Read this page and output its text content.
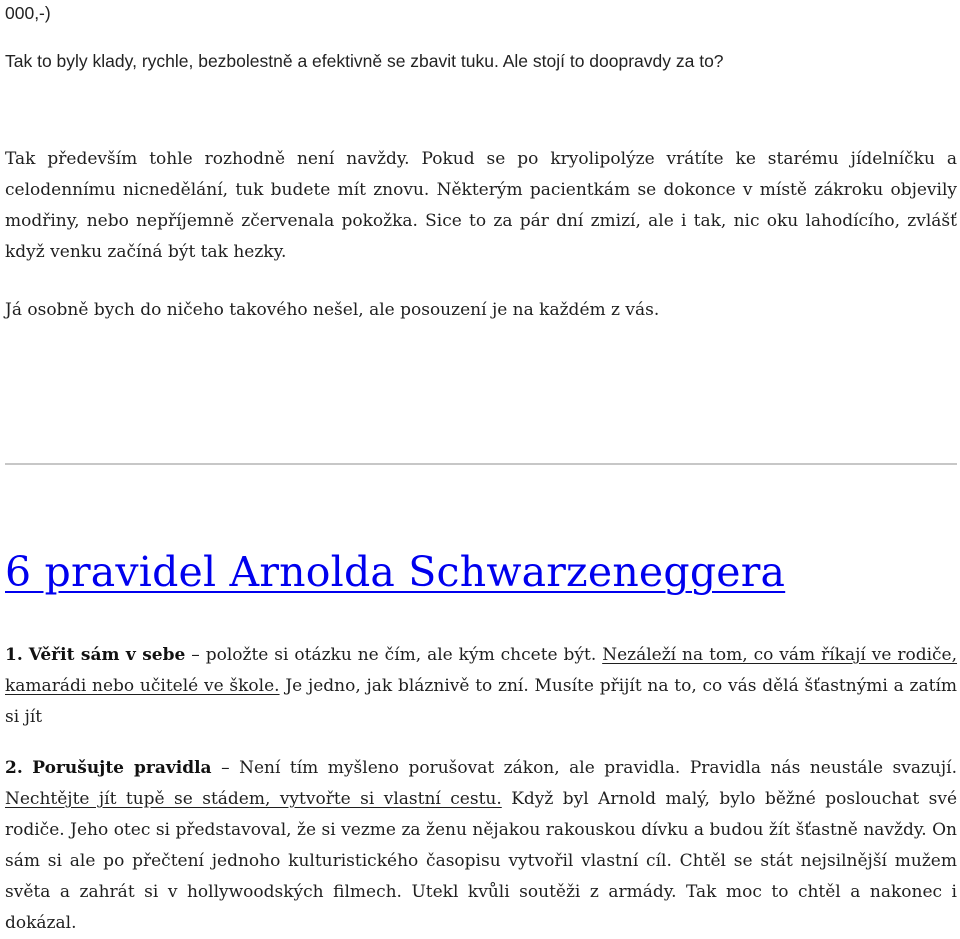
000,-)

Tak to byly klady, rychle, bezbolestně a efektivně se zbavit tuku. Ale stojí to doopravdy za to?

Tak především tohle rozhodně není navždy. Pokud se po kryolipolýze vrátíte ke starému jídelníčku a celodennímu nicnedělání, tuk budete mít znovu. Některým pacientkám se dokonce v místě zákroku objevily modřiny, nebo nepříjemně zčervenala pokožka. Sice to za pár dní zmizí, ale i tak, nic oku lahodícího, zvlášť když venku začíná být tak hezky.

Já osobně bych do ničeho takového nešel, ale posouzení je na každém z vás.

6 pravidel Arnolda Schwarzeneggera

1. Věřit sám v sebe – položte si otázku ne čím, ale kým chcete být. Nezáleží na tom, co vám říkají ve rodiče, kamarádi nebo učitelé ve škole. Je jedno, jak bláznivě to zní. Musíte přijít na to, co vás dělá šťastnými a zatím si jít

2. Porušujte pravidla – Není tím myšleno porušovat zákon, ale pravidla. Pravidla nás neustále svazují. Nechtějte jít tupě se stádem, vytvořte si vlastní cestu. Když byl Arnold malý, bylo běžné poslouchat své rodiče. Jeho otec si představoval, že si vezme za ženu nějakou rakouskou dívku a budou žít šťastně navždy. On sám si ale po přečtení jednoho kulturistického časopisu vytvořil vlastní cíl. Chtěl se stát nejsilnější mužem světa a zahrát si v hollywoodských filmech. Utekl kvůli soutěži z armády. Tak moc to chtěl a nakonec i dokázal.
